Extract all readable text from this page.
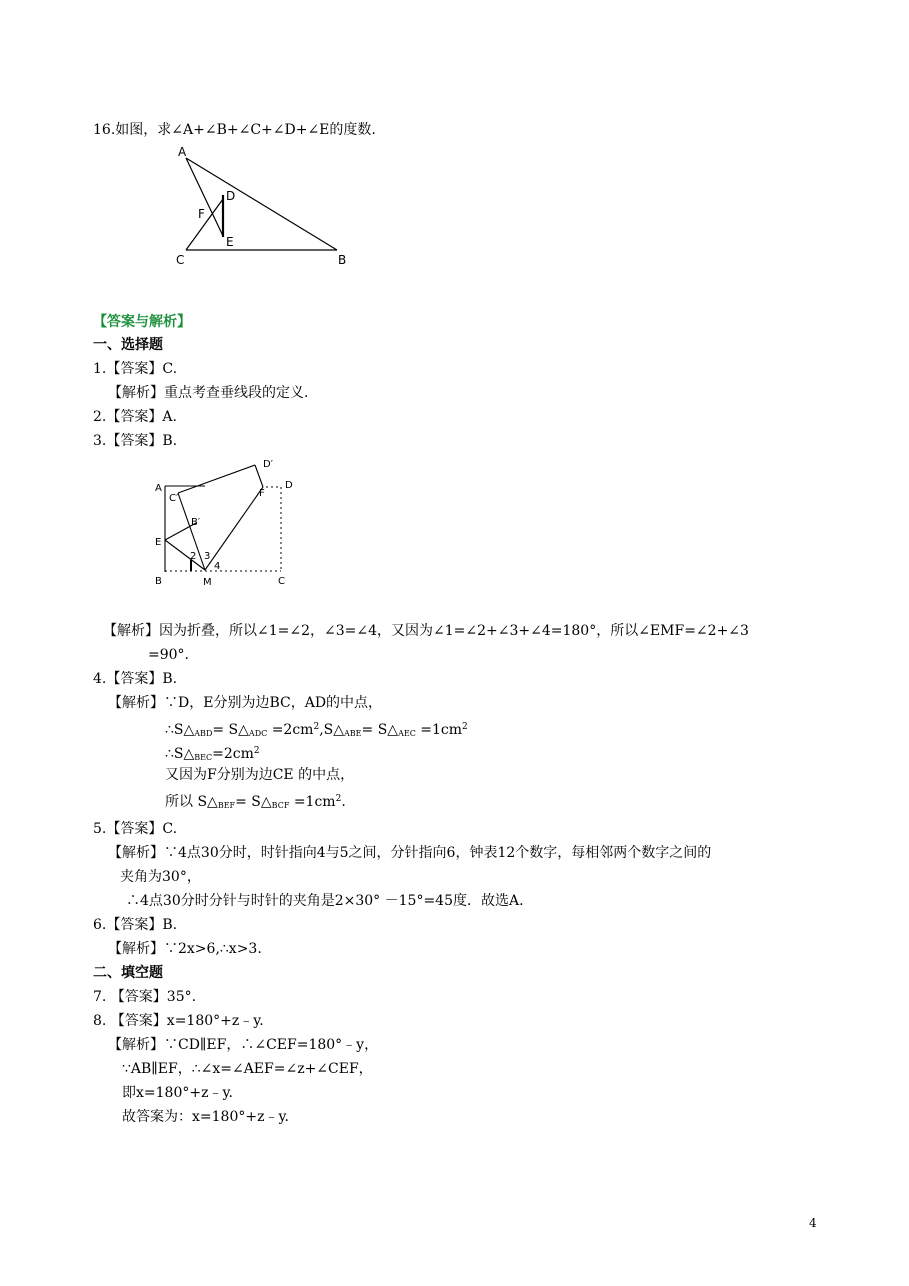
16.如图，求∠A+∠B+∠C+∠D+∠E的度数.
A
D
F
E
C	B
A
C′
D′
F
D
B′
E
2 3
4
B	M	C
【答案与解析】
一、选择题
1.【答案】C.
【解析】重点考查垂线段的定义.
2.【答案】A.
3.【答案】B.
【解析】因为折叠，所以∠1=∠2，∠3=∠4，又因为∠1=∠2+∠3+∠4=180°，所以∠EMF=∠2+∠3
=90°.
4.【答案】B.
【解析】∵D，E分别为边BC，AD的中点，
$\therefore S\triangle_{ABD}=$ $S\triangle_{ADC}$ $=2cm^2,S\triangle_{ABE}=$ $S\triangle_{AEC} =1cm^2$
$\therefore S\triangle_{BEC}=2cm^2$
又因为F分别为边CE 的中点，
所以 $S\triangle_{BEF}=$ $S\triangle_{BCF} =1cm^2$.
5.【答案】C.
【解析】∵4点30分时，时针指向4与5之间，分针指向6，钟表12个数字，每相邻两个数字之间的
夹角为30°，
∴4点30分时分针与时针的夹角是2×30° －15°=45度．故选A.
6.【答案】B.
【解析】∵2x>6,∴x>3.
二、填空题
7. 【答案】35°.
8. 【答案】x=180°+z﹣y.
【解析】∵CD∥EF，∴∠CEF=180°﹣y，
∵AB∥EF，∴∠x=∠AEF=∠z+∠CEF，
即x=180°+z﹣y.
故答案为：x=180°+z﹣y.
4
